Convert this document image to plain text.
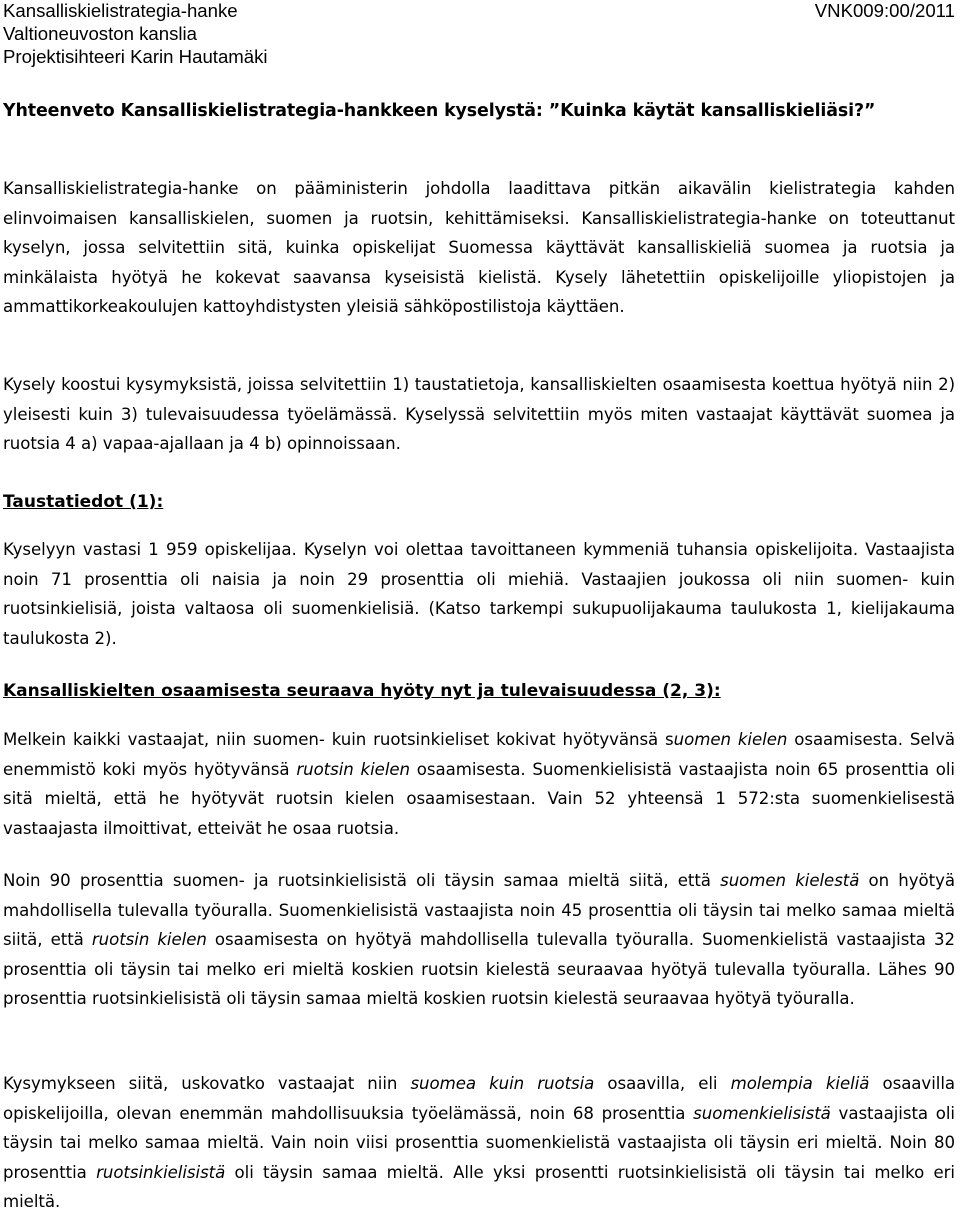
Kansalliskielistrategia-hanke	VNK009:00/2011
Valtioneuvoston kanslia
Projektisihteeri Karin Hautamäki

Yhteenveto Kansalliskielistrategia-hankkeen kyselystä: ”Kuinka käytät kansalliskieliäsi?”

Kansalliskielistrategia-hanke on pääministerin johdolla laadittava pitkän aikavälin kielistrategia kahden elinvoimaisen kansalliskielen, suomen ja ruotsin, kehittämiseksi. Kansalliskielistrategia-hanke on toteuttanut kyselyn, jossa selvitettiin sitä, kuinka opiskelijat Suomessa käyttävät kansalliskieliä suomea ja ruotsia ja minkälaista hyötyä he kokevat saavansa kyseisistä kielistä. Kysely lähetettiin opiskelijoille yliopistojen ja ammattikorkeakoulujen kattoyhdistysten yleisiä sähköpostilistoja käyttäen.

Kysely koostui kysymyksistä, joissa selvitettiin 1) taustatietoja, kansalliskielten osaamisesta koettua hyötyä niin 2) yleisesti kuin 3) tulevaisuudessa työelämässä. Kyselyssä selvitettiin myös miten vastaajat käyttävät suomea ja ruotsia 4 a) vapaa-ajallaan ja 4 b) opinnoissaan.

Taustatiedot (1):

Kyselyyn vastasi 1 959 opiskelijaa. Kyselyn voi olettaa tavoittaneen kymmeniä tuhansia opiskelijoita. Vastaajista noin 71 prosenttia oli naisia ja noin 29 prosenttia oli miehiä. Vastaajien joukossa oli niin suomen- kuin ruotsinkielisiä, joista valtaosa oli suomenkielisiä. (Katso tarkempi sukupuolijakauma taulukosta 1, kielijakauma taulukosta 2).

Kansalliskielten osaamisesta seuraava hyöty nyt ja tulevaisuudessa (2, 3):

Melkein kaikki vastaajat, niin suomen- kuin ruotsinkieliset kokivat hyötyvänsä suomen kielen osaamisesta. Selvä enemmistö koki myös hyötyvänsä ruotsin kielen osaamisesta. Suomenkielisistä vastaajista noin 65 prosenttia oli sitä mieltä, että he hyötyvät ruotsin kielen osaamisestaan. Vain 52 yhteensä 1 572:sta suomenkielisestä vastaajasta ilmoittivat, etteivät he osaa ruotsia.

Noin 90 prosenttia suomen- ja ruotsinkielisistä oli täysin samaa mieltä siitä, että suomen kielestä on hyötyä mahdollisella tulevalla työuralla. Suomenkielisistä vastaajista noin 45 prosenttia oli täysin tai melko samaa mieltä siitä, että ruotsin kielen osaamisesta on hyötyä mahdollisella tulevalla työuralla. Suomenkielistä vastaajista 32 prosenttia oli täysin tai melko eri mieltä koskien ruotsin kielestä seuraavaa hyötyä tulevalla työuralla. Lähes 90 prosenttia ruotsinkielisistä oli täysin samaa mieltä koskien ruotsin kielestä seuraavaa hyötyä työuralla.

Kysymykseen siitä, uskovatko vastaajat niin suomea kuin ruotsia osaavilla, eli molempia kieliä osaavilla opiskelijoilla, olevan enemmän mahdollisuuksia työelämässä, noin 68 prosenttia suomenkielisistä vastaajista oli täysin tai melko samaa mieltä. Vain noin viisi prosenttia suomenkielistä vastaajista oli täysin eri mieltä. Noin 80 prosenttia ruotsinkielisistä oli täysin samaa mieltä. Alle yksi prosentti ruotsinkielisistä oli täysin tai melko eri mieltä.
